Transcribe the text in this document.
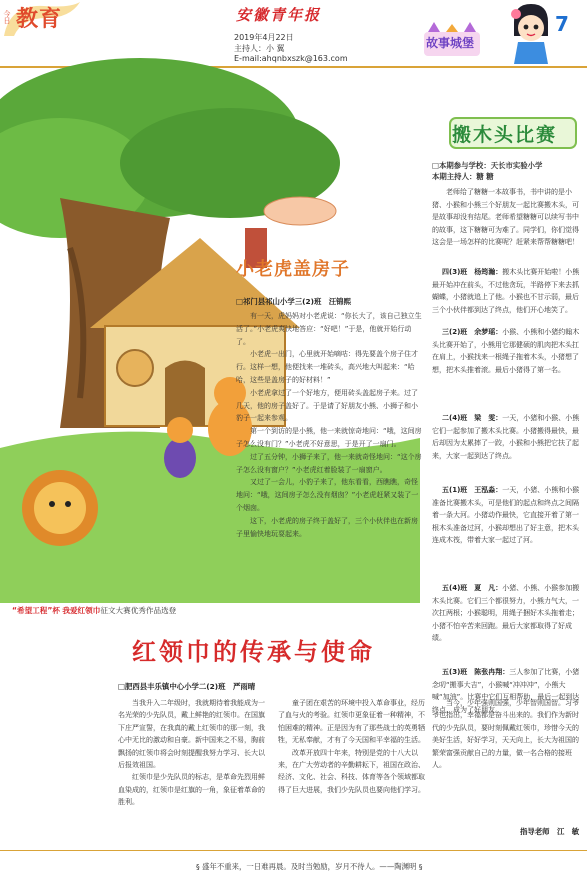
今日 教育	安徽青年报
2019年4月22日
主持人：小 翼
E-mail:ahqnbxszk@163.com
故事城堡
7
搬木头比赛
□本期参与学校：天长市实验小学
本期主持人：糖 糖
老师给了糖糖一本故事书，书中讲的是小猪、小猴和小熊三个好朋友一起比赛搬木头，可是故事却没有结尾。老师希望糖糖可以续写书中的故事，这下糖糖可为难了。同学们，你们觉得这会是一场怎样的比赛呢？赶紧来帮帮糖糖吧！
四(3)班　杨筠瀚：搬木头比赛开始啦！小熊最开始冲在前头，不过他贪玩，半路停下来去抓蝴蝶，小猪就追上了他。小猴也不甘示弱，最后三个小伙伴都到达了终点，他们开心地笑了。
三(2)班　余梦瑶：小猴、小熊和小猪约翰木头比赛开始了，小熊用它那健硕的肌肉把木头扛在肩上，小猴找来一根绳子拖着木头，小猪想了想，把木头推着滚。最后小猪得了第一名。
二(4)班　梁　雯：一天，小猪和小猴、小熊它们一起参加了搬木头比赛。小猪搬得最快，最后却因为太累摔了一跤，小猴和小熊把它扶了起来，大家一起到达了终点。
五(1)班　王泓淼：一天，小猪、小熊和小猴准备比赛搬木头，可是他们的起点和终点之间隔着一条大河。小猪动作最快，它直接开着了第一根木头准备过河，小猴却想出了好主意，把木头连成木筏，带着大家一起过了河。
五(4)班　夏　凡：小猪、小熊、小猴参加搬木头比赛。它们三个都很努力，小熊力气大，一次扛两根；小猴聪明，用绳子捆好木头拖着走；小猪不怕辛苦来回跑。最后大家都取得了好成绩。
五(3)班　陈张冉翔：三人参加了比赛，小猪念叨“搬事大吉”，小猴喊“冲冲冲”，小熊大喊“加油”。比赛中它们互相帮助，最后一起到达终点，成为了好朋友。
小老虎盖房子
□祁门县祁山小学三(2)班　汪锦熙

有一天，虎妈妈对小老虎说：“你长大了，该自己独立生活了。”小老虎爽快地答应：“好吧！”于是，他就开始行动了。

小老虎一出门，心里就开始嘀咕：得先要盖个房子住才行。这样一想，他便找来一堆砖头，高兴地大叫起来：“哈哈，这些是盖房子的好材料！”

小老虎拿过了一个好地方，便用砖头盖起房子来。过了几天，他的房子盖好了。于是请了好朋友小熊、小狮子和小豹子一起来参观。

第一个到访的是小熊，他一来就惊奇地问：“哦，这间房子怎么没有门？”小老虎不好意思，于是开了一扇门。

过了五分钟，小狮子来了，他一来就奇怪地问：“这个房子怎么没有窗户？”小老虎红着脸装了一扇窗户。

又过了一会儿，小豹子来了，他东看看，西瞧瞧，奇怪地问：“哦，这间房子怎么没有烟囱？”小老虎赶紧又装了一个烟囱。

这下，小老虎的房子终于盖好了，三个小伙伴也在新房子里愉快地玩耍起来。

“希望工程”杯 我爱红领巾征文大赛优秀作品选登
红领巾的传承与使命
□肥西县丰乐镇中心小学二(2)班　严雨晴

当我升入二年级时，我就期待着我能成为一名光荣的少先队员，戴上鲜艳的红领巾。在国旗下庄严宣誓，在我真的戴上红领巾的那一刻，我心中无比的激动和自豪。新中国来之不易，胸前飘扬的红领巾将会时刻提醒我努力学习、长大以后报效祖国。

红领巾是少先队员的标志，是革命先烈用鲜血染成的，红领巾是红旗的一角，象征着革命的胜利。

童子团在艰苦的环境中投入革命事业，经历了血与火的考验。红领巾更象征着一种精神，不怕困难的精神。正是因为有了那些战士的英勇牺牲，无私奉献，才有了今天国和平幸福的生活。

改革开放四十年来，特别是党的十八大以来，在广大劳动者的辛勤耕耘下，祖国在政治、经济、文化、社会、科技、体育等各个领域都取得了巨大进展，我们少先队员也要向他们学习。

当今，少年强则国强，少年智则国智。习爷爷也指出，幸福都是奋斗出来的。我们作为新时代的少先队员，要时刻佩戴红领巾，珍惜今天的美好生活，好好学习，天天向上，长大为祖国的繁荣富强贡献自己的力量，做一名合格的接班人。

指导老师　江　敏
§ 盛年不重来，一日难再晨。及时当勉励，岁月不待人。——陶渊明 §
